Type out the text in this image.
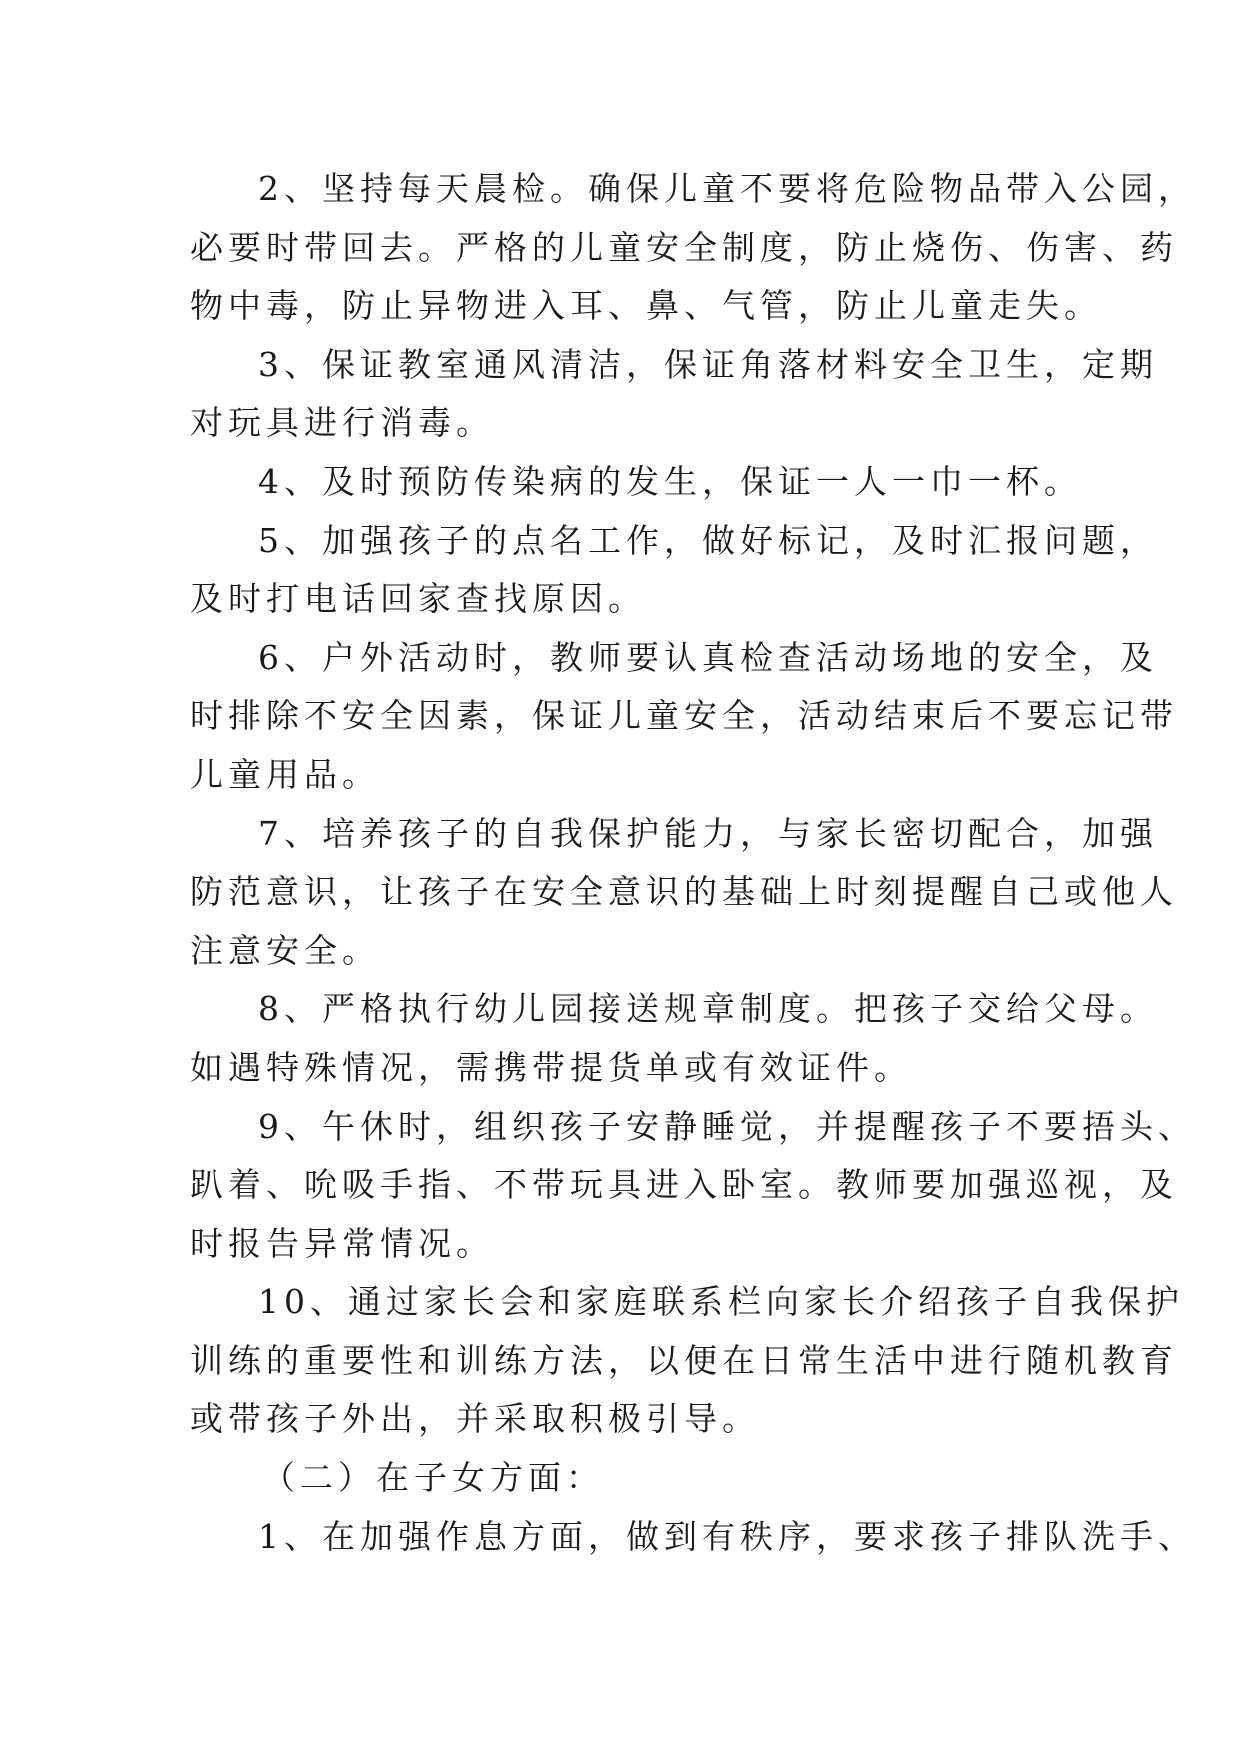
2、坚持每天晨检。确保儿童不要将危险物品带入公园，
必要时带回去。严格的儿童安全制度，防止烧伤、伤害、药
物中毒，防止异物进入耳、鼻、气管，防止儿童走失。

3、保证教室通风清洁，保证角落材料安全卫生，定期
对玩具进行消毒。

4、及时预防传染病的发生，保证一人一巾一杯。

5、加强孩子的点名工作，做好标记，及时汇报问题，
及时打电话回家查找原因。

6、户外活动时，教师要认真检查活动场地的安全，及
时排除不安全因素，保证儿童安全，活动结束后不要忘记带
儿童用品。

7、培养孩子的自我保护能力，与家长密切配合，加强
防范意识，让孩子在安全意识的基础上时刻提醒自己或他人
注意安全。

8、严格执行幼儿园接送规章制度。把孩子交给父母。
如遇特殊情况，需携带提货单或有效证件。

9、午休时，组织孩子安静睡觉，并提醒孩子不要捂头、
趴着、吮吸手指、不带玩具进入卧室。教师要加强巡视，及
时报告异常情况。

10、通过家长会和家庭联系栏向家长介绍孩子自我保护
训练的重要性和训练方法，以便在日常生活中进行随机教育
或带孩子外出，并采取积极引导。

（二）在子女方面：

1、在加强作息方面，做到有秩序，要求孩子排队洗手、
